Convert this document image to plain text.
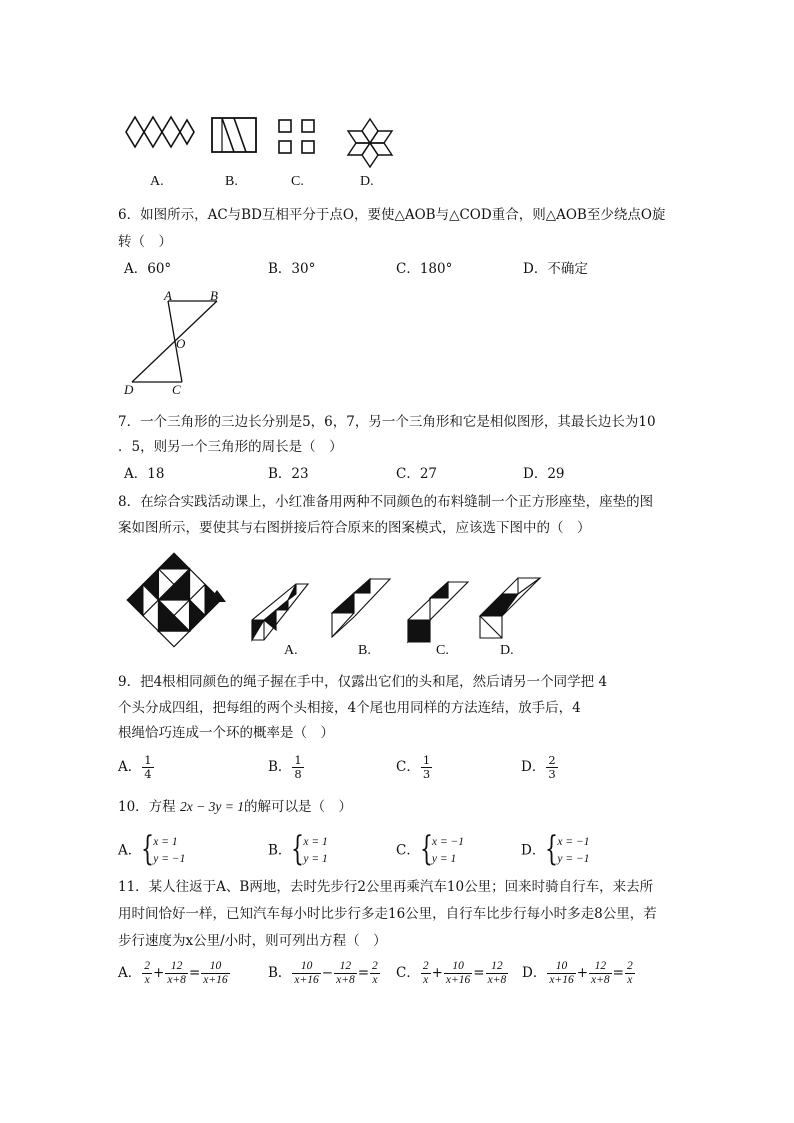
A.	B.	C.	D.
6．如图所示，AC与BD互相平分于点O，要使△AOB与△COD重合，则△AOB至少绕点O旋
转（　）
A．60°	B．30°	C．180°	D．不确定
A	B
O
D	C
7．一个三角形的三边长分别是5，6，7，另一个三角形和它是相似图形，其最长边长为10
．5，则另一个三角形的周长是（　）
A．18	B．23	C．27	D．29
8．在综合实践活动课上，小红准备用两种不同颜色的布料缝制一个正方形座垫，座垫的图
案如图所示，要使其与右图拼接后符合原来的图案模式，应该选下图中的（　）
A.	B.	C.	D.
9．把4根相同颜色的绳子握在手中，仅露出它们的头和尾，然后请另一个同学把 4
个头分成四组，把每组的两个头相接，4个尾也用同样的方法连结，放手后，4
根绳恰巧连成一个环的概率是（　）
A． $\frac{1}{4}$	B． $\frac{1}{8}$	C． $\frac{1}{3}$	D． $\frac{2}{3}$
10．方程 2x − 3y = 1的解可以是（　）
A． { x = 1
y = −1
B． { x = 1
y = 1
C． { x = −1
y = 1
D． { x = −1
y = −1
11．某人往返于A、B两地，去时先步行2公里再乘汽车10公里；回来时骑自行车，来去所
用时间恰好一样，已知汽车每小时比步行多走16公里，自行车比步行每小时多走8公里，若
步行速度为x公里/小时，则可列出方程（　）
A． $\frac{2}{x} + \frac{12}{x+8} = \frac{10}{x+16}$	B． $\frac{10}{x+16} - \frac{12}{x+8} = \frac{2}{x}$ C． $\frac{2}{x} + \frac{10}{x+16} = \frac{12}{x+8}$ D． $\frac{10}{x+16} + \frac{12}{x+8} = \frac{2}{x}$
